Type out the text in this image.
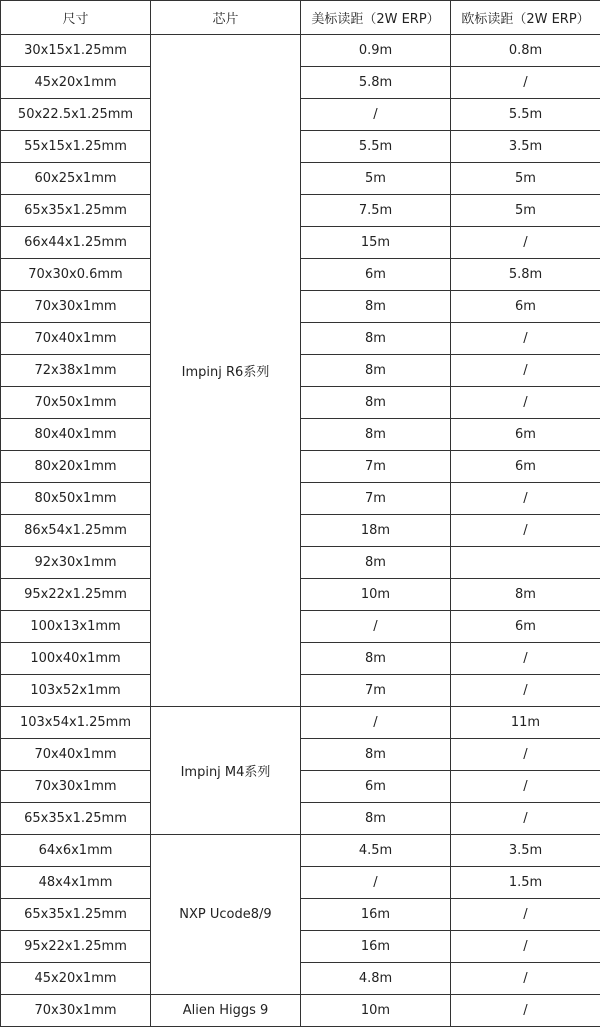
尺寸	芯片	美标读距（2W ERP）	欧标读距（2W ERP）
30x15x1.25mm	Impinj R6系列	0.9m	0.8m
45x20x1mm		5.8m	/
50x22.5x1.25mm		/	5.5m
55x15x1.25mm		5.5m	3.5m
60x25x1mm		5m	5m
65x35x1.25mm		7.5m	5m
66x44x1.25mm		15m	/
70x30x0.6mm		6m	5.8m
70x30x1mm		8m	6m
70x40x1mm		8m	/
72x38x1mm		8m	/
70x50x1mm		8m	/
80x40x1mm		8m	6m
80x20x1mm		7m	6m
80x50x1mm		7m	/
86x54x1.25mm		18m	/
92x30x1mm		8m	
95x22x1.25mm		10m	8m
100x13x1mm		/	6m
100x40x1mm		8m	/
103x52x1mm		7m	/
103x54x1.25mm	Impinj M4系列	/	11m
70x40x1mm		8m	/
70x30x1mm		6m	/
65x35x1.25mm		8m	/
64x6x1mm	NXP Ucode8/9	4.5m	3.5m
48x4x1mm		/	1.5m
65x35x1.25mm		16m	/
95x22x1.25mm		16m	/
45x20x1mm		4.8m	/
70x30x1mm	Alien Higgs 9	10m	/
